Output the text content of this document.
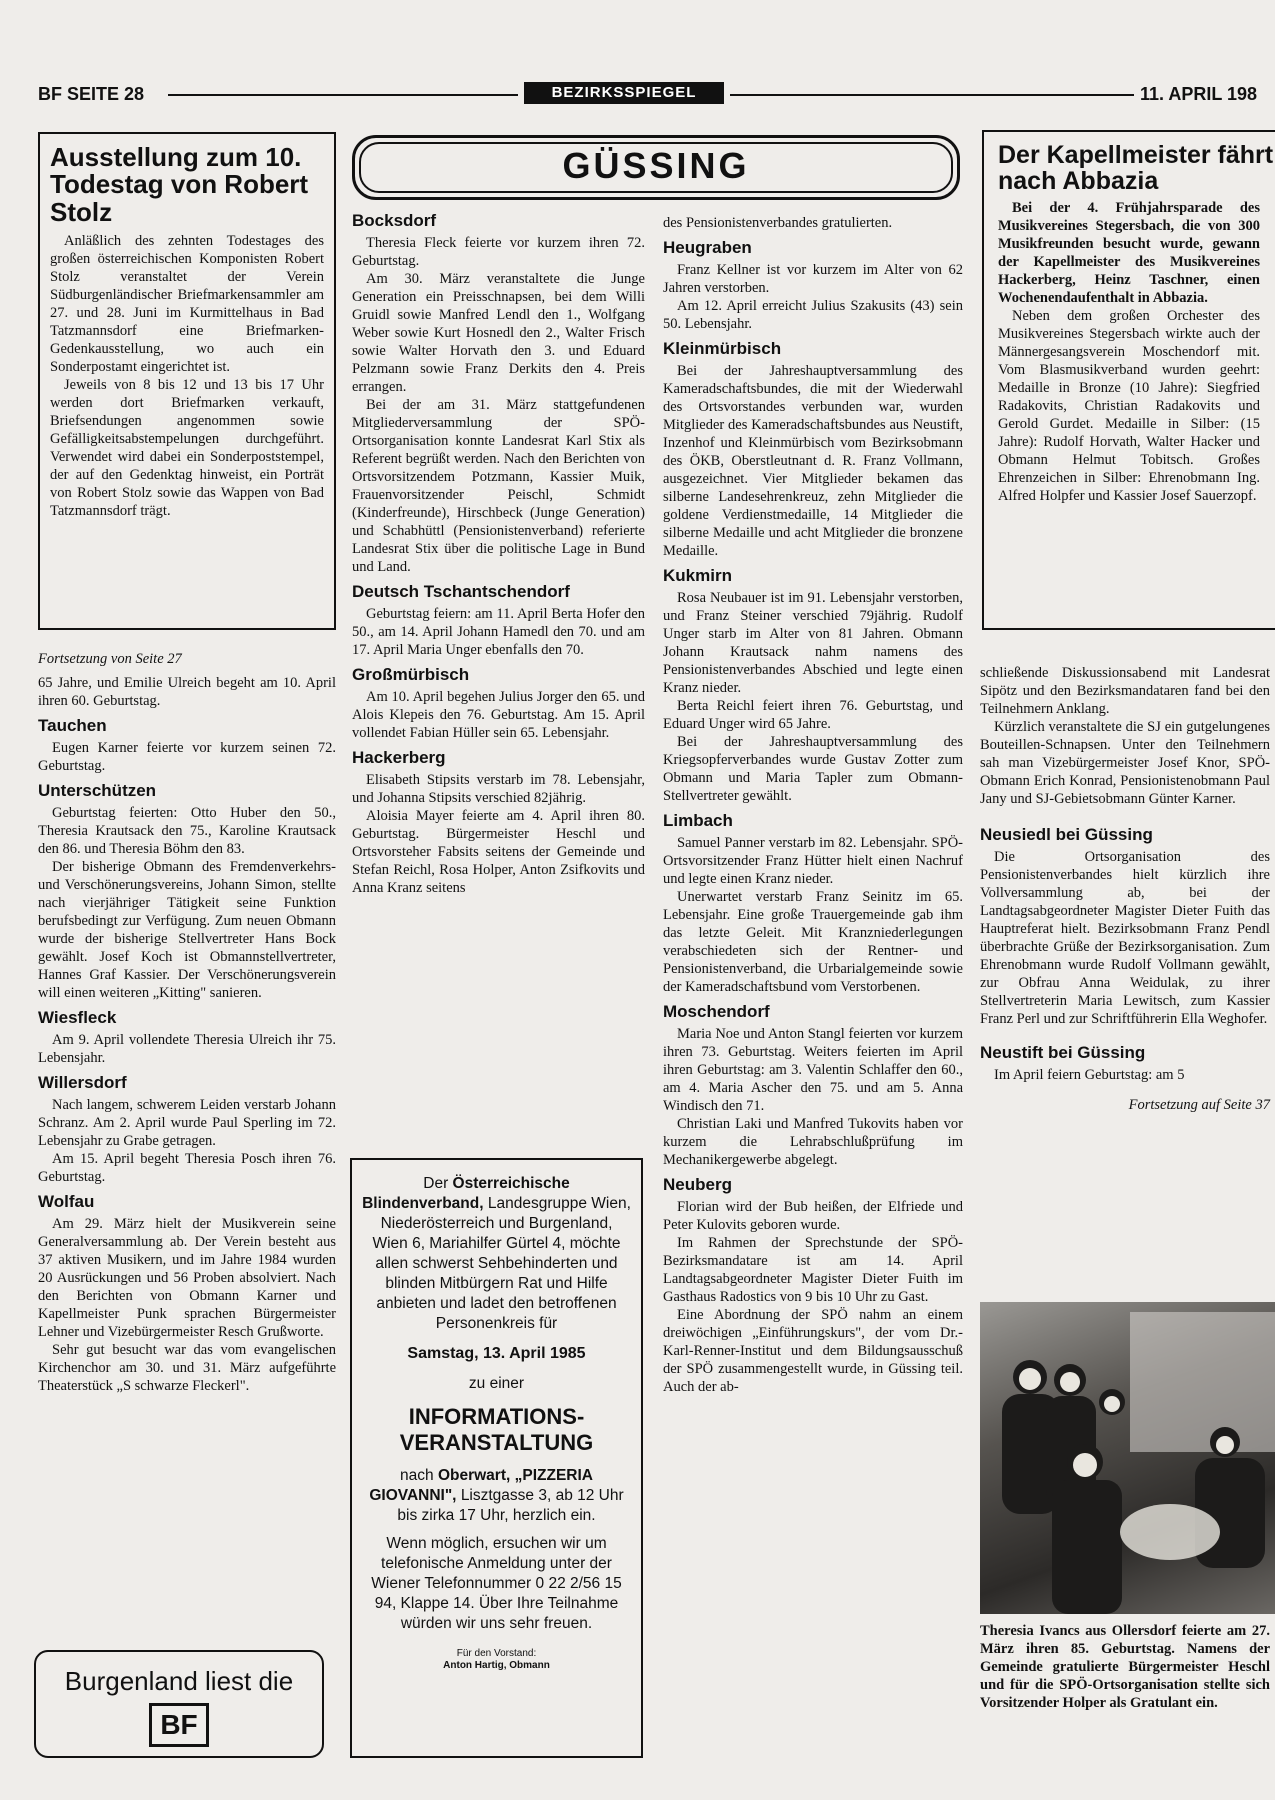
BF SEITE 28	BEZIRKSSPIEGEL	11. APRIL 198
Ausstellung zum 10. Todestag von Robert Stolz

Anläßlich des zehnten Todestages des großen österreichischen Komponisten Robert Stolz veranstaltet der Verein Südburgenländischer Briefmarkensammler am 27. und 28. Juni im Kurmittelhaus in Bad Tatzmannsdorf eine Briefmarken-Gedenkausstellung, wo auch ein Sonderpostamt eingerichtet ist.

Jeweils von 8 bis 12 und 13 bis 17 Uhr werden dort Briefmarken verkauft, Briefsendungen angenommen sowie Gefälligkeitsabstempelungen durchgeführt. Verwendet wird dabei ein Sonderpoststempel, der auf den Gedenktag hinweist, ein Porträt von Robert Stolz sowie das Wappen von Bad Tatzmannsdorf trägt.

Fortsetzung von Seite 27

65 Jahre, und Emilie Ulreich begeht am 10. April ihren 60. Geburtstag.

Tauchen

Eugen Karner feierte vor kurzem seinen 72. Geburtstag.

Unterschützen

Geburtstag feierten: Otto Huber den 50., Theresia Krautsack den 75., Karoline Krautsack den 86. und Theresia Böhm den 83.

Der bisherige Obmann des Fremdenverkehrs- und Verschönerungsvereins, Johann Simon, stellte nach vierjähriger Tätigkeit seine Funktion berufsbedingt zur Verfügung. Zum neuen Obmann wurde der bisherige Stellvertreter Hans Bock gewählt. Josef Koch ist Obmannstellvertreter, Hannes Graf Kassier. Der Verschönerungsverein will einen weiteren „Kitting" sanieren.

Wiesfleck

Am 9. April vollendete Theresia Ulreich ihr 75. Lebensjahr.

Willersdorf

Nach langem, schwerem Leiden verstarb Johann Schranz. Am 2. April wurde Paul Sperling im 72. Lebensjahr zu Grabe getragen.

Am 15. April begeht Theresia Posch ihren 76. Geburtstag.

Wolfau

Am 29. März hielt der Musikverein seine Generalversammlung ab. Der Verein besteht aus 37 aktiven Musikern, und im Jahre 1984 wurden 20 Ausrückungen und 56 Proben absolviert. Nach den Berichten von Obmann Karner und Kapellmeister Punk sprachen Bürgermeister Lehner und Vizebürgermeister Resch Grußworte.

Sehr gut besucht war das vom evangelischen Kirchenchor am 30. und 31. März aufgeführte Theaterstück „S schwarze Fleckerl".

Burgenland liest die
BF
GÜSSING
Bocksdorf

Theresia Fleck feierte vor kurzem ihren 72. Geburtstag.

Am 30. März veranstaltete die Junge Generation ein Preisschnapsen, bei dem Willi Gruidl sowie Manfred Lendl den 1., Wolfgang Weber sowie Kurt Hosnedl den 2., Walter Frisch sowie Walter Horvath den 3. und Eduard Pelzmann sowie Franz Derkits den 4. Preis errangen.

Bei der am 31. März stattgefundenen Mitgliederversammlung der SPÖ-Ortsorganisation konnte Landesrat Karl Stix als Referent begrüßt werden. Nach den Berichten von Ortsvorsitzendem Potzmann, Kassier Muik, Frauenvorsitzender Peischl, Schmidt (Kinderfreunde), Hirschbeck (Junge Generation) und Schabhüttl (Pensionistenverband) referierte Landesrat Stix über die politische Lage in Bund und Land.

Deutsch Tschantschendorf

Geburtstag feiern: am 11. April Berta Hofer den 50., am 14. April Johann Hamedl den 70. und am 17. April Maria Unger ebenfalls den 70.

Großmürbisch

Am 10. April begehen Julius Jorger den 65. und Alois Klepeis den 76. Geburtstag. Am 15. April vollendet Fabian Hüller sein 65. Lebensjahr.

Hackerberg

Elisabeth Stipsits verstarb im 78. Lebensjahr, und Johanna Stipsits verschied 82jährig.

Aloisia Mayer feierte am 4. April ihren 80. Geburtstag. Bürgermeister Heschl und Ortsvorsteher Fabsits seitens der Gemeinde und Stefan Reichl, Rosa Holper, Anton Zsifkovits und Anna Kranz seitens

Der Österreichische Blindenverband, Landesgruppe Wien, Niederösterreich und Burgenland, Wien 6, Mariahilfer Gürtel 4, möchte allen schwerst Sehbehinderten und blinden Mitbürgern Rat und Hilfe anbieten und ladet den betroffenen Personenkreis für

Samstag, 13. April 1985

zu einer

INFORMATIONS-VERANSTALTUNG

nach Oberwart, „PIZZERIA GIOVANNI", Lisztgasse 3, ab 12 Uhr bis zirka 17 Uhr, herzlich ein.

Wenn möglich, ersuchen wir um telefonische Anmeldung unter der Wiener Telefonnummer 0 22 2/56 15 94, Klappe 14. Über Ihre Teilnahme würden wir uns sehr freuen.

Für den Vorstand:

Anton Hartig, Obmann

des Pensionistenverbandes gratulierten.

Heugraben

Franz Kellner ist vor kurzem im Alter von 62 Jahren verstorben.

Am 12. April erreicht Julius Szakusits (43) sein 50. Lebensjahr.

Kleinmürbisch

Bei der Jahreshauptversammlung des Kameradschaftsbundes, die mit der Wiederwahl des Ortsvorstandes verbunden war, wurden Mitglieder des Kameradschaftsbundes aus Neustift, Inzenhof und Kleinmürbisch vom Bezirksobmann des ÖKB, Oberstleutnant d. R. Franz Vollmann, ausgezeichnet. Vier Mitglieder bekamen das silberne Landesehrenkreuz, zehn Mitglieder die goldene Verdienstmedaille, 14 Mitglieder die silberne Medaille und acht Mitglieder die bronzene Medaille.

Kukmirn

Rosa Neubauer ist im 91. Lebensjahr verstorben, und Franz Steiner verschied 79jährig. Rudolf Unger starb im Alter von 81 Jahren. Obmann Johann Krautsack nahm namens des Pensionistenverbandes Abschied und legte einen Kranz nieder.

Berta Reichl feiert ihren 76. Geburtstag, und Eduard Unger wird 65 Jahre.

Bei der Jahreshauptversammlung des Kriegsopferverbandes wurde Gustav Zotter zum Obmann und Maria Tapler zum Obmann-Stellvertreter gewählt.

Limbach

Samuel Panner verstarb im 82. Lebensjahr. SPÖ-Ortsvorsitzender Franz Hütter hielt einen Nachruf und legte einen Kranz nieder.

Unerwartet verstarb Franz Seinitz im 65. Lebensjahr. Eine große Trauergemeinde gab ihm das letzte Geleit. Mit Kranzniederlegungen verabschiedeten sich der Rentner- und Pensionistenverband, die Urbarialgemeinde sowie der Kameradschaftsbund vom Verstorbenen.

Moschendorf

Maria Noe und Anton Stangl feierten vor kurzem ihren 73. Geburtstag. Weiters feierten im April ihren Geburtstag: am 3. Valentin Schlaffer den 60., am 4. Maria Ascher den 75. und am 5. Anna Windisch den 71.

Christian Laki und Manfred Tukovits haben vor kurzem die Lehrabschlußprüfung im Mechanikergewerbe abgelegt.

Neuberg

Florian wird der Bub heißen, der Elfriede und Peter Kulovits geboren wurde.

Im Rahmen der Sprechstunde der SPÖ-Bezirksmandatare ist am 14. April Landtagsabgeordneter Magister Dieter Fuith im Gasthaus Radostics von 9 bis 10 Uhr zu Gast.

Eine Abordnung der SPÖ nahm an einem dreiwöchigen „Einführungskurs", der vom Dr.-Karl-Renner-Institut und dem Bildungsausschuß der SPÖ zusammengestellt wurde, in Güssing teil. Auch der ab-

Der Kapellmeister fährt nach Abbazia

Bei der 4. Frühjahrsparade des Musikvereines Stegersbach, die von 300 Musikfreunden besucht wurde, gewann der Kapellmeister des Musikvereines Hackerberg, Heinz Taschner, einen Wochenendaufenthalt in Abbazia.

Neben dem großen Orchester des Musikvereines Stegersbach wirkte auch der Männergesangsverein Moschendorf mit. Vom Blasmusikverband wurden geehrt: Medaille in Bronze (10 Jahre): Siegfried Radakovits, Christian Radakovits und Gerold Gurdet. Medaille in Silber: (15 Jahre): Rudolf Horvath, Walter Hacker und Obmann Helmut Tobitsch. Großes Ehrenzeichen in Silber: Ehrenobmann Ing. Alfred Holpfer und Kassier Josef Sauerzopf.

schließende Diskussionsabend mit Landesrat Sipötz und den Bezirksmandataren fand bei den Teilnehmern Anklang.

Kürzlich veranstaltete die SJ ein gutgelungenes Bouteillen-Schnapsen. Unter den Teilnehmern sah man Vizebürgermeister Josef Knor, SPÖ-Obmann Erich Konrad, Pensionistenobmann Paul Jany und SJ-Gebietsobmann Günter Karner.

Neusiedl bei Güssing

Die Ortsorganisation des Pensionistenverbandes hielt kürzlich ihre Vollversammlung ab, bei der Landtagsabgeordneter Magister Dieter Fuith das Hauptreferat hielt. Bezirksobmann Franz Pendl überbrachte Grüße der Bezirksorganisation. Zum Ehrenobmann wurde Rudolf Vollmann gewählt, zur Obfrau Anna Weidulak, zu ihrer Stellvertreterin Maria Lewitsch, zum Kassier Franz Perl und zur Schriftführerin Ella Weghofer.

Neustift bei Güssing

Im April feiern Geburtstag: am 5

Fortsetzung auf Seite 37

Theresia Ivancs aus Ollersdorf feierte am 27. März ihren 85. Geburtstag. Namens der Gemeinde gratulierte Bürgermeister Heschl und für die SPÖ-Ortsorganisation stellte sich Vorsitzender Holper als Gratulant ein.
